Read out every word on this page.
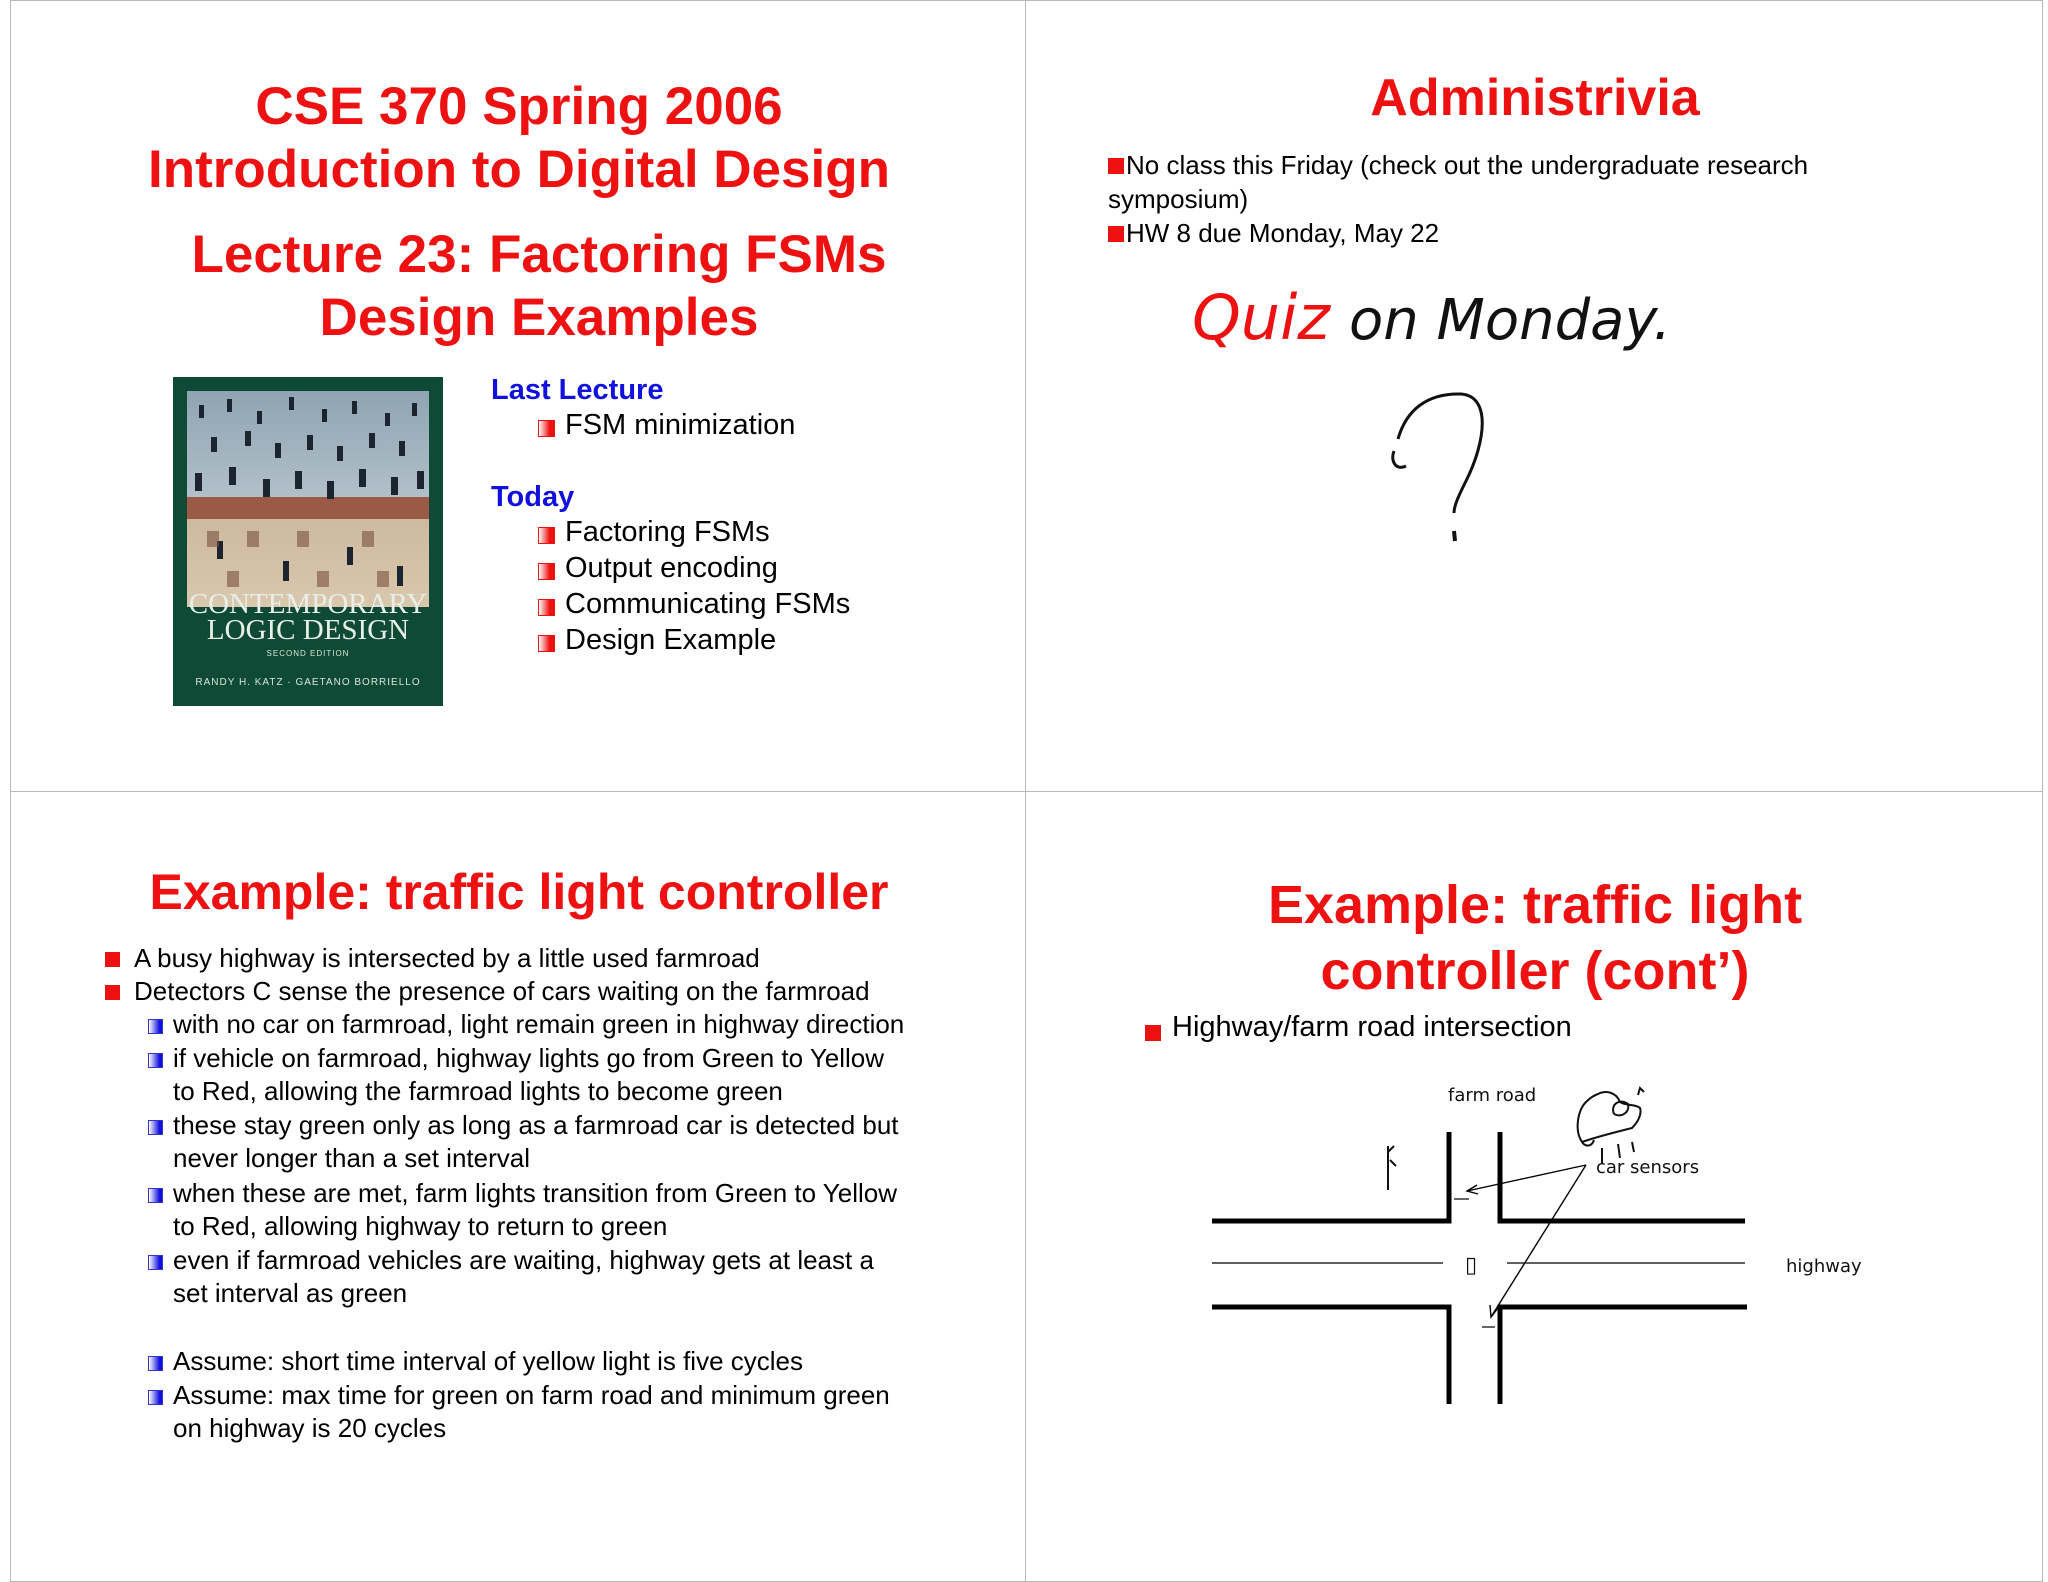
CSE 370 Spring 2006
Introduction to Digital Design
Lecture 23: Factoring FSMs
Design Examples
CONTEMPORARY
LOGIC DESIGN
SECOND EDITION
RANDY H. KATZ · GAETANO BORRIELLO
Last Lecture
FSM minimization
Today
Factoring FSMs
Output encoding
Communicating FSMs
Design Example
Administrivia
No class this Friday (check out the undergraduate research symposium)
HW 8 due Monday, May 22
Quiz on Monday.
Example: traffic light controller
A busy highway is intersected by a little used farmroad
Detectors C sense the presence of cars waiting on the farmroad
with no car on farmroad, light remain green in highway direction
if vehicle on farmroad, highway lights go from Green to Yellow
to Red, allowing the farmroad lights to become green
these stay green only as long as a farmroad car is detected but
never longer than a set interval
when these are met, farm lights transition from Green to Yellow
to Red, allowing highway to return to green
even if farmroad vehicles are waiting, highway gets at least a
set interval as green
Assume: short time interval of yellow light is five cycles
Assume: max time for green on farm road and minimum green
on highway is 20 cycles
Example: traffic light
controller (cont’)
Highway/farm road intersection
farm road
car sensors
highway
▯
